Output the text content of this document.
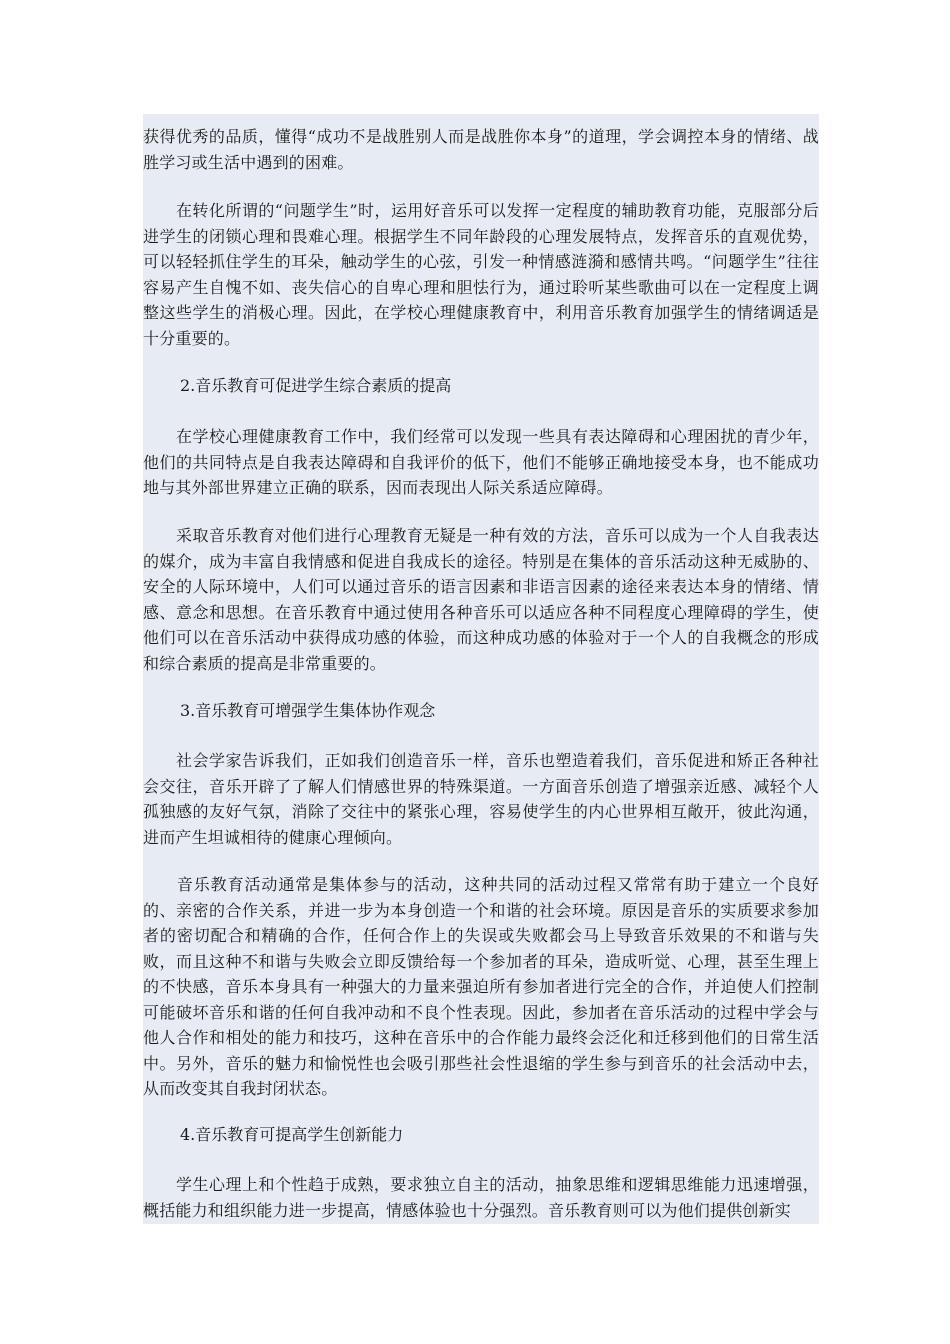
获得优秀的品质，懂得“成功不是战胜别人而是战胜你本身”的道理，学会调控本身的情绪、战胜学习或生活中遇到的困难。

　　在转化所谓的“问题学生”时，运用好音乐可以发挥一定程度的辅助教育功能，克服部分后进学生的闭锁心理和畏难心理。根据学生不同年龄段的心理发展特点，发挥音乐的直观优势，可以轻轻抓住学生的耳朵，触动学生的心弦，引发一种情感涟漪和感情共鸣。“问题学生”往往容易产生自愧不如、丧失信心的自卑心理和胆怯行为，通过聆听某些歌曲可以在一定程度上调整这些学生的消极心理。因此，在学校心理健康教育中，利用音乐教育加强学生的情绪调适是十分重要的。

2.音乐教育可促进学生综合素质的提高

　　在学校心理健康教育工作中，我们经常可以发现一些具有表达障碍和心理困扰的青少年，他们的共同特点是自我表达障碍和自我评价的低下，他们不能够正确地接受本身，也不能成功地与其外部世界建立正确的联系，因而表现出人际关系适应障碍。

　　采取音乐教育对他们进行心理教育无疑是一种有效的方法，音乐可以成为一个人自我表达的媒介，成为丰富自我情感和促进自我成长的途径。特别是在集体的音乐活动这种无威胁的、安全的人际环境中，人们可以通过音乐的语言因素和非语言因素的途径来表达本身的情绪、情感、意念和思想。在音乐教育中通过使用各种音乐可以适应各种不同程度心理障碍的学生，使他们可以在音乐活动中获得成功感的体验，而这种成功感的体验对于一个人的自我概念的形成和综合素质的提高是非常重要的。

3.音乐教育可增强学生集体协作观念

　　社会学家告诉我们，正如我们创造音乐一样，音乐也塑造着我们，音乐促进和矫正各种社会交往，音乐开辟了了解人们情感世界的特殊渠道。一方面音乐创造了增强亲近感、减轻个人孤独感的友好气氛，消除了交往中的紧张心理，容易使学生的内心世界相互敞开，彼此沟通，进而产生坦诚相待的健康心理倾向。

　　音乐教育活动通常是集体参与的活动，这种共同的活动过程又常常有助于建立一个良好的、亲密的合作关系，并进一步为本身创造一个和谐的社会环境。原因是音乐的实质要求参加者的密切配合和精确的合作，任何合作上的失误或失败都会马上导致音乐效果的不和谐与失败，而且这种不和谐与失败会立即反馈给每一个参加者的耳朵，造成听觉、心理，甚至生理上的不快感，音乐本身具有一种强大的力量来强迫所有参加者进行完全的合作，并迫使人们控制可能破坏音乐和谐的任何自我冲动和不良个性表现。因此，参加者在音乐活动的过程中学会与他人合作和相处的能力和技巧，这种在音乐中的合作能力最终会泛化和迁移到他们的日常生活中。另外，音乐的魅力和愉悦性也会吸引那些社会性退缩的学生参与到音乐的社会活动中去，从而改变其自我封闭状态。

4.音乐教育可提高学生创新能力

　　学生心理上和个性趋于成熟，要求独立自主的活动，抽象思维和逻辑思维能力迅速增强，概括能力和组织能力进一步提高，情感体验也十分强烈。音乐教育则可以为他们提供创新实
